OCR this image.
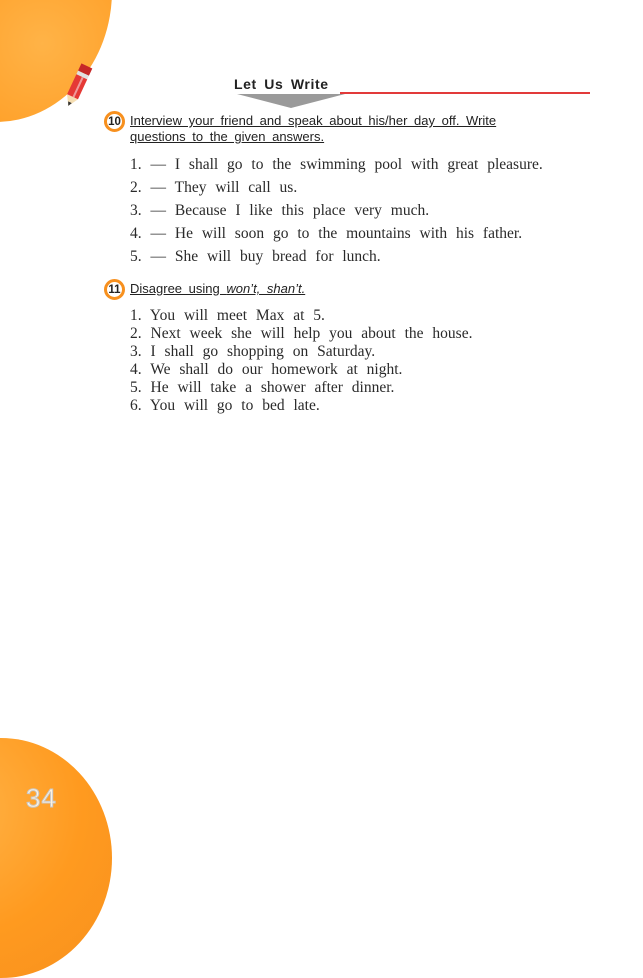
Let Us Write
10 Interview your friend and speak about his/her day off. Write
questions to the given answers.
1. — I shall go to the swimming pool with great pleasure.
2. — They will call us.
3. — Because I like this place very much.
4. — He will soon go to the mountains with his father.
5. — She will buy bread for lunch.
11 Disagree using won’t, shan’t.
1. You will meet Max at 5.
2. Next week she will help you about the house.
3. I shall go shopping on Saturday.
4. We shall do our homework at night.
5. He will take a shower after dinner.
6. You will go to bed late.
34
